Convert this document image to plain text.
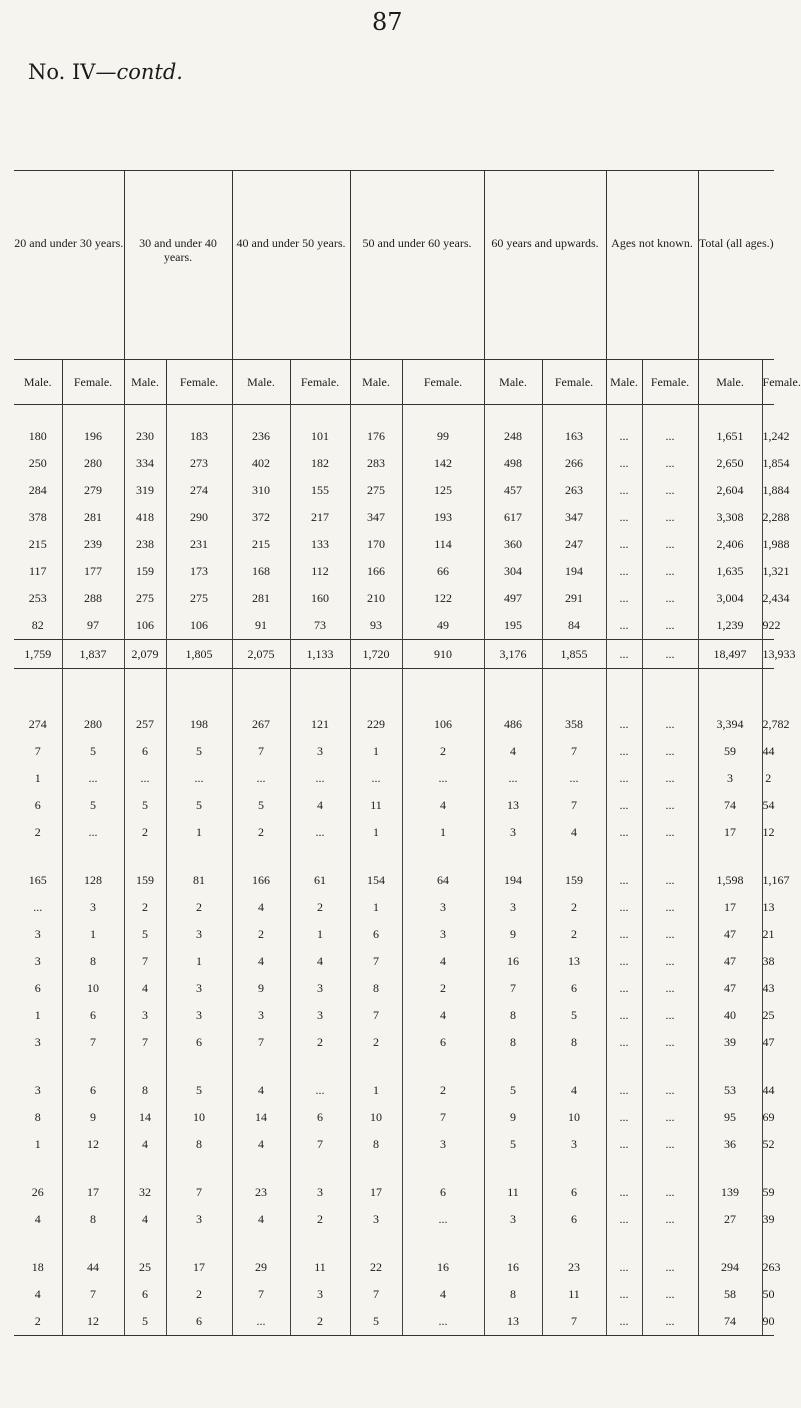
87
No. IV—contd.
20 and under 30 years.		30 and under 40 years.		40 and under 50 years.		50 and under 60 years.		60 years and upwards.		Ages not known.		Total (all ages.)	
Male.	Female.	Male.	Female.	Male.	Female.	Male.	Female.	Male.	Female.	Male.	Female.	Male.	Female.

180	196	230	183	236	101	176	99	248	163	...	...	1,651	1,242
250	280	334	273	402	182	283	142	498	266	...	...	2,650	1,854
284	279	319	274	310	155	275	125	457	263	...	...	2,604	1,884
378	281	418	290	372	217	347	193	617	347	...	...	3,308	2,288
215	239	238	231	215	133	170	114	360	247	...	...	2,406	1,988
117	177	159	173	168	112	166	66	304	194	...	...	1,635	1,321
253	288	275	275	281	160	210	122	497	291	...	...	3,004	2,434
82	97	106	106	91	73	93	49	195	84	...	...	1,239	922
1,759	1,837	2,079	1,805	2,075	1,133	1,720	910	3,176	1,855	...	...	18,497	13,933

274	280	257	198	267	121	229	106	486	358	...	...	3,394	2,782
7	5	6	5	7	3	1	2	4	7	...	...	59	44
1	...	...	...	...	...	...	...	...	...	...	...	3	2
6	5	5	5	5	4	11	4	13	7	...	...	74	54
2	...	2	1	2	...	1	1	3	4	...	...	17	12

165	128	159	81	166	61	154	64	194	159	...	...	1,598	1,167
...	3	2	2	4	2	1	3	3	2	...	...	17	13
3	1	5	3	2	1	6	3	9	2	...	...	47	21
3	8	7	1	4	4	7	4	16	13	...	...	47	38
6	10	4	3	9	3	8	2	7	6	...	...	47	43
1	6	3	3	3	3	7	4	8	5	...	...	40	25
3	7	7	6	7	2	2	6	8	8	...	...	39	47

3	6	8	5	4	...	1	2	5	4	...	...	53	44
8	9	14	10	14	6	10	7	9	10	...	...	95	69
1	12	4	8	4	7	8	3	5	3	...	...	36	52

26	17	32	7	23	3	17	6	11	6	...	...	139	59
4	8	4	3	4	2	3	...	3	6	...	...	27	39

18	44	25	17	29	11	22	16	16	23	...	...	294	263
4	7	6	2	7	3	7	4	8	11	...	...	58	50
2	12	5	6	...	2	5	...	13	7	...	...	74	90
